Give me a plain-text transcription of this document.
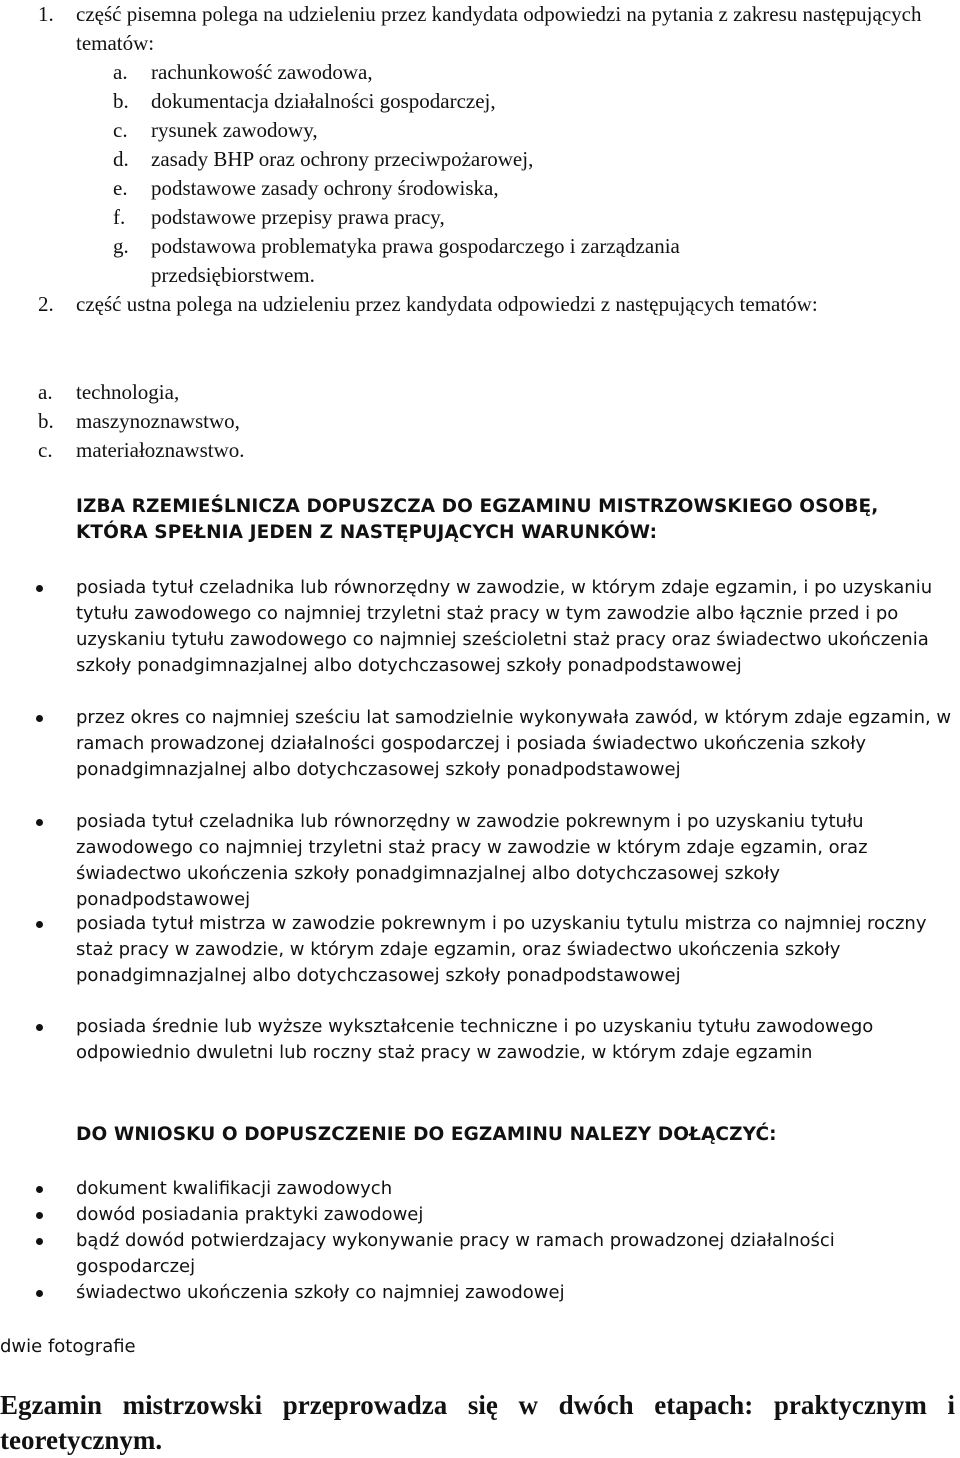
1. część pisemna polega na udzieleniu przez kandydata odpowiedzi na pytania z zakresu następujących tematów:
a. rachunkowość zawodowa,
b. dokumentacja działalności gospodarczej,
c. rysunek zawodowy,
d. zasady BHP oraz ochrony przeciwpożarowej,
e. podstawowe zasady ochrony środowiska,
f. podstawowe przepisy prawa pracy,
g. podstawowa problematyka prawa gospodarczego i zarządzania przedsiębiorstwem.
2. część ustna polega na udzieleniu przez kandydata odpowiedzi z następujących tematów:
a. technologia,
b. maszynoznawstwo,
c. materiałoznawstwo.
IZBA RZEMIEŚLNICZA DOPUSZCZA DO EGZAMINU MISTRZOWSKIEGO OSOBĘ, KTÓRA SPEŁNIA JEDEN Z NASTĘPUJĄCYCH WARUNKÓW:
posiada tytuł czeladnika lub równorzędny w zawodzie, w którym zdaje egzamin, i po uzyskaniu tytułu zawodowego co najmniej trzyletni staż pracy w tym zawodzie albo łącznie przed i po uzyskaniu tytułu zawodowego co najmniej sześcioletni staż pracy oraz świadectwo ukończenia szkoły ponadgimnazjalnej albo dotychczasowej szkoły ponadpodstawowej
przez okres co najmniej sześciu lat samodzielnie wykonywała zawód, w którym zdaje egzamin, w ramach prowadzonej działalności gospodarczej i posiada świadectwo ukończenia szkoły ponadgimnazjalnej albo dotychczasowej szkoły ponadpodstawowej
posiada tytuł czeladnika lub równorzędny w zawodzie pokrewnym i po uzyskaniu tytułu zawodowego co najmniej trzyletni staż pracy w zawodzie w którym zdaje egzamin, oraz świadectwo ukończenia szkoły ponadgimnazjalnej albo dotychczasowej szkoły ponadpodstawowej
posiada tytuł mistrza w zawodzie pokrewnym i po uzyskaniu tytulu mistrza co najmniej roczny staż pracy w zawodzie, w którym zdaje egzamin, oraz świadectwo ukończenia szkoły ponadgimnazjalnej albo dotychczasowej szkoły ponadpodstawowej
posiada średnie lub wyższe wykształcenie techniczne i po uzyskaniu tytułu zawodowego odpowiednio dwuletni lub roczny staż pracy w zawodzie, w którym zdaje egzamin
DO WNIOSKU O DOPUSZCZENIE DO EGZAMINU NALEZY DOŁĄCZYĆ:
dokument kwalifikacji zawodowych
dowód posiadania praktyki zawodowej
bądź dowód potwierdzajacy wykonywanie pracy w ramach prowadzonej działalności gospodarczej
świadectwo ukończenia szkoły co najmniej zawodowej
dwie fotografie
Egzamin mistrzowski przeprowadza się w dwóch etapach: praktycznym i teoretycznym.
